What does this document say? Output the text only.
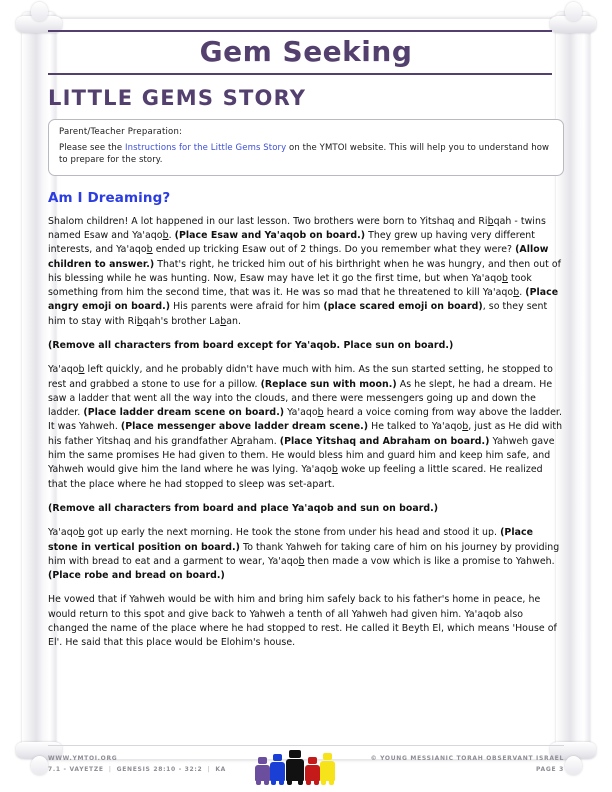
Gem Seeking
LITTLE GEMS STORY
Parent/Teacher Preparation:
Please see the Instructions for the Little Gems Story on the YMTOI website. This will help you to understand how to prepare for the story.
Am I Dreaming?

Shalom children! A lot happened in our last lesson. Two brothers were born to Yitshaq and Ribqah - twins named Esaw and Ya'aqob. (Place Esaw and Ya'aqob on board.) They grew up having very different interests, and Ya'aqob ended up tricking Esaw out of 2 things. Do you remember what they were? (Allow children to answer.) That's right, he tricked him out of his birthright when he was hungry, and then out of his blessing while he was hunting. Now, Esaw may have let it go the first time, but when Ya'aqob took something from him the second time, that was it. He was so mad that he threatened to kill Ya'aqob. (Place angry emoji on board.) His parents were afraid for him (place scared emoji on board), so they sent him to stay with Ribqah's brother Laban.

(Remove all characters from board except for Ya'aqob. Place sun on board.)

Ya'aqob left quickly, and he probably didn't have much with him. As the sun started setting, he stopped to rest and grabbed a stone to use for a pillow. (Replace sun with moon.) As he slept, he had a dream. He saw a ladder that went all the way into the clouds, and there were messengers going up and down the ladder. (Place ladder dream scene on board.) Ya'aqob heard a voice coming from way above the ladder. It was Yahweh. (Place messenger above ladder dream scene.) He talked to Ya'aqob, just as He did with his father Yitshaq and his grandfather Abraham. (Place Yitshaq and Abraham on board.) Yahweh gave him the same promises He had given to them. He would bless him and guard him and keep him safe, and Yahweh would give him the land where he was lying. Ya'aqob woke up feeling a little scared. He realized that the place where he had stopped to sleep was set-apart.

(Remove all characters from board and place Ya'aqob and sun on board.)

Ya'aqob got up early the next morning. He took the stone from under his head and stood it up. (Place stone in vertical position on board.) To thank Yahweh for taking care of him on his journey by providing him with bread to eat and a garment to wear, Ya'aqob then made a vow which is like a promise to Yahweh. (Place robe and bread on board.)

He vowed that if Yahweh would be with him and bring him safely back to his father's home in peace, he would return to this spot and give back to Yahweh a tenth of all Yahweh had given him. Ya'aqob also changed the name of the place where he had stopped to rest. He called it Beyth El, which means 'House of El'. He said that this place would be Elohim's house.

WWW.YMTOI.ORG
7.1 - VAYETZE | GENESIS 28:10 - 32:2 | KA
© YOUNG MESSIANIC TORAH OBSERVANT ISRAEL
PAGE 3
